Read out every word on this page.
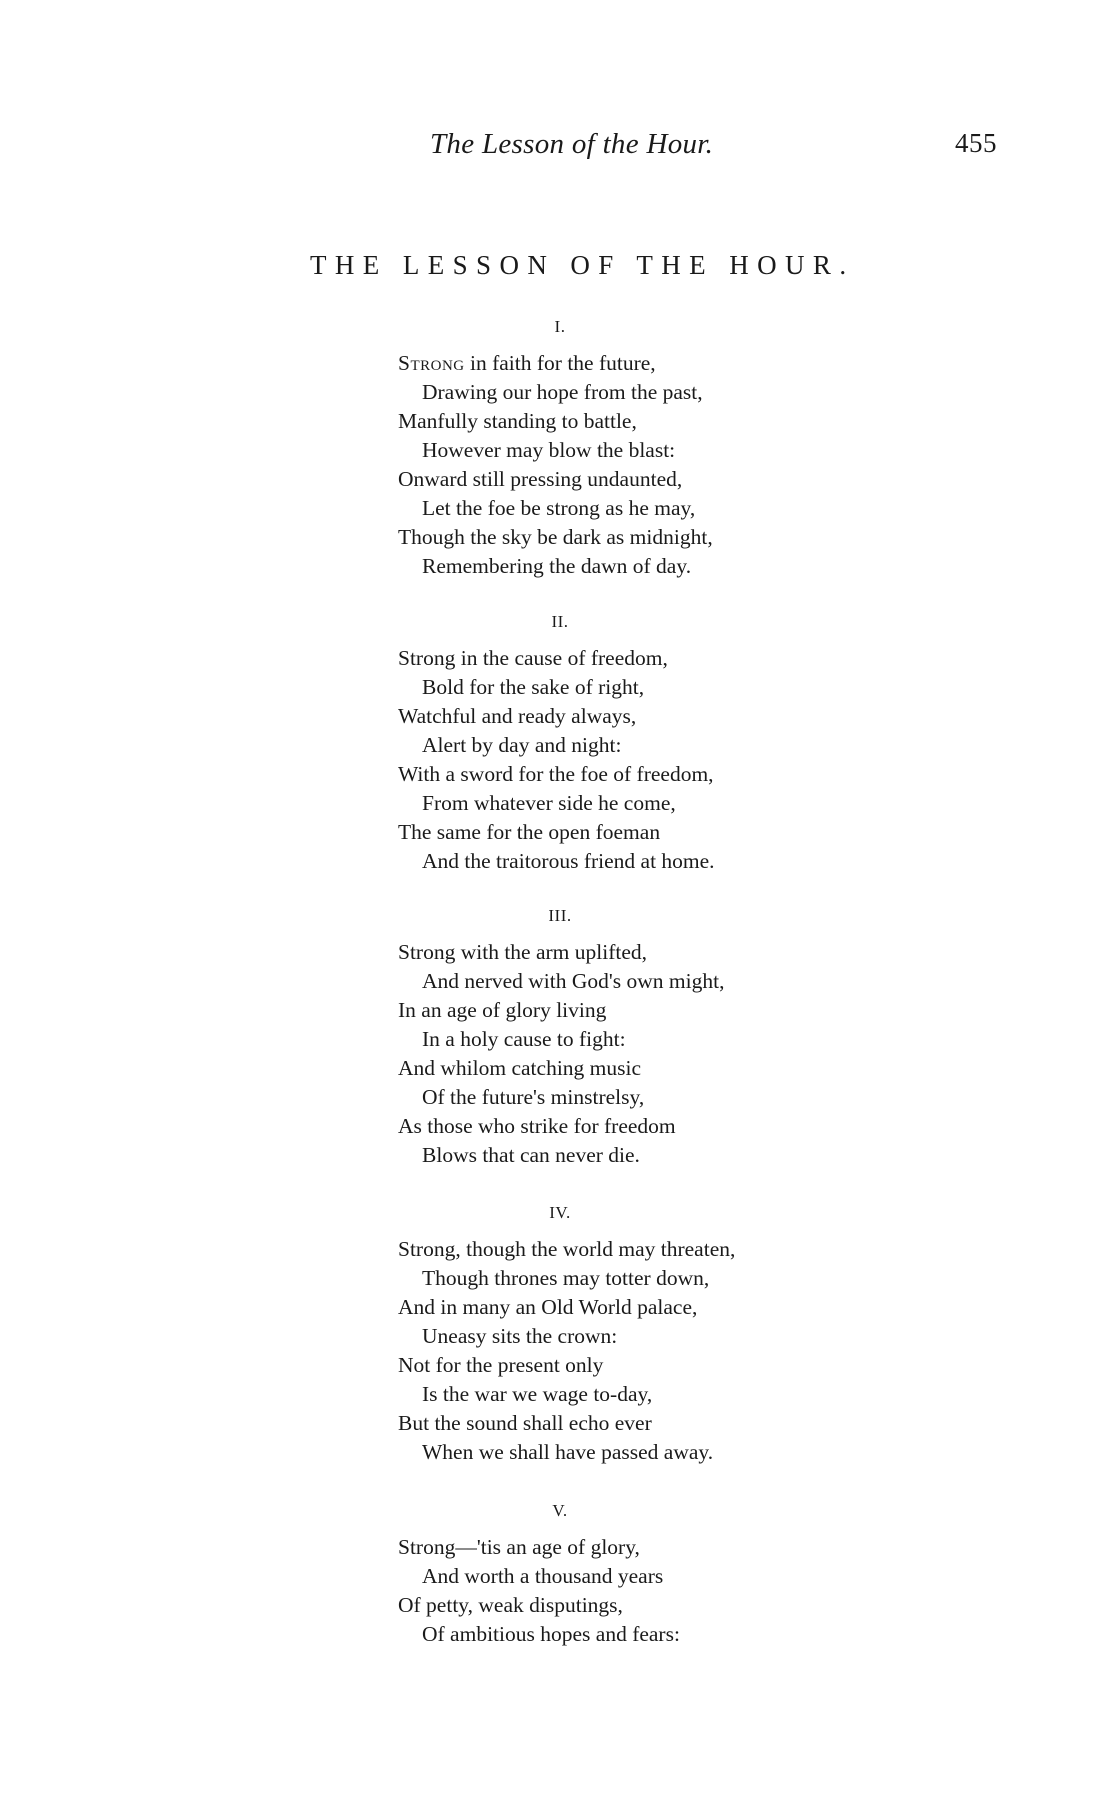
The Lesson of the Hour.	455
THE LESSON OF THE HOUR.
I.
Strong in faith for the future,
Drawing our hope from the past,
Manfully standing to battle,
However may blow the blast:
Onward still pressing undaunted,
Let the foe be strong as he may,
Though the sky be dark as midnight,
Remembering the dawn of day.
II.
Strong in the cause of freedom,
Bold for the sake of right,
Watchful and ready always,
Alert by day and night:
With a sword for the foe of freedom,
From whatever side he come,
The same for the open foeman
And the traitorous friend at home.
III.
Strong with the arm uplifted,
And nerved with God's own might,
In an age of glory living
In a holy cause to fight:
And whilom catching music
Of the future's minstrelsy,
As those who strike for freedom
Blows that can never die.
IV.
Strong, though the world may threaten,
Though thrones may totter down,
And in many an Old World palace,
Uneasy sits the crown:
Not for the present only
Is the war we wage to-day,
But the sound shall echo ever
When we shall have passed away.
V.
Strong—'tis an age of glory,
And worth a thousand years
Of petty, weak disputings,
Of ambitious hopes and fears:
